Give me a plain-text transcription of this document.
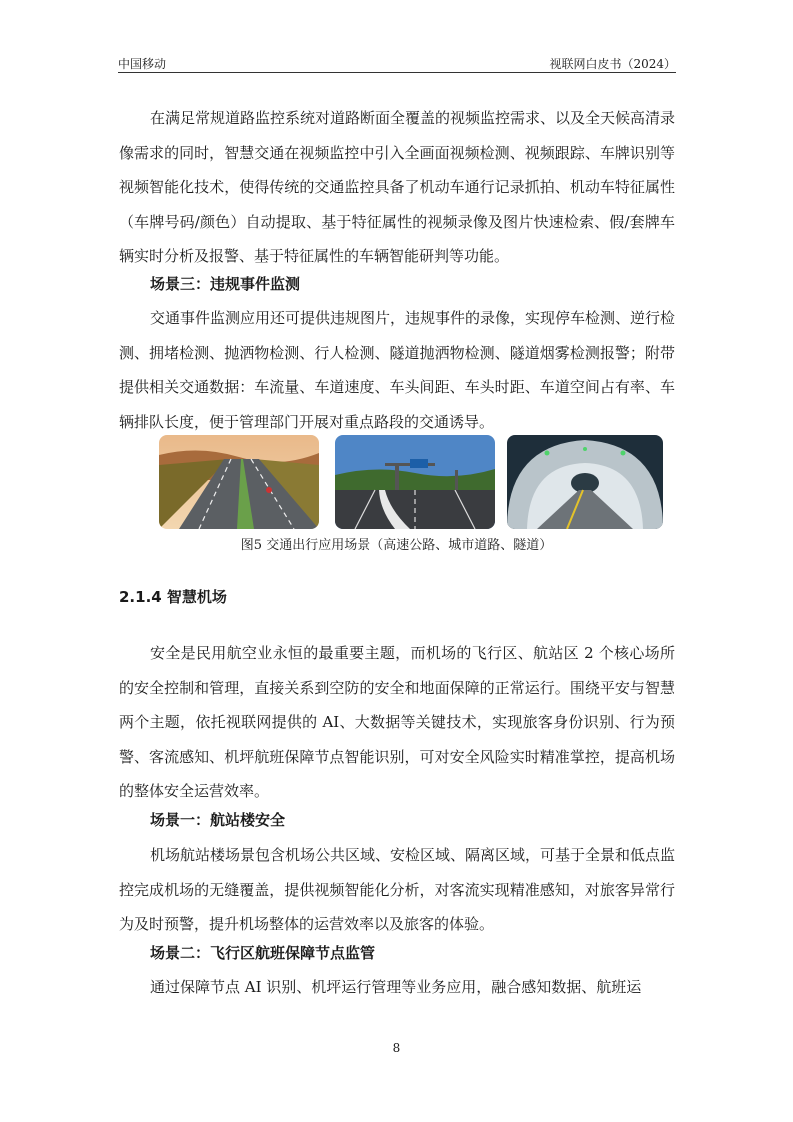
中国移动	视联网白皮书（2024）

在满足常规道路监控系统对道路断面全覆盖的视频监控需求、以及全天候高清录像需求的同时，智慧交通在视频监控中引入全画面视频检测、视频跟踪、车牌识别等视频智能化技术，使得传统的交通监控具备了机动车通行记录抓拍、机动车特征属性（车牌号码/颜色）自动提取、基于特征属性的视频录像及图片快速检索、假/套牌车辆实时分析及报警、基于特征属性的车辆智能研判等功能。

场景三：违规事件监测

交通事件监测应用还可提供违规图片，违规事件的录像，实现停车检测、逆行检测、拥堵检测、抛洒物检测、行人检测、隧道抛洒物检测、隧道烟雾检测报警；附带提供相关交通数据：车流量、车道速度、车头间距、车头时距、车道空间占有率、车辆排队长度，便于管理部门开展对重点路段的交通诱导。

图5 交通出行应用场景（高速公路、城市道路、隧道）

2.1.4 智慧机场

安全是民用航空业永恒的最重要主题，而机场的飞行区、航站区 2 个核心场所的安全控制和管理，直接关系到空防的安全和地面保障的正常运行。围绕平安与智慧两个主题，依托视联网提供的 AI、大数据等关键技术，实现旅客身份识别、行为预警、客流感知、机坪航班保障节点智能识别，可对安全风险实时精准掌控，提高机场的整体安全运营效率。

场景一：航站楼安全

机场航站楼场景包含机场公共区域、安检区域、隔离区域，可基于全景和低点监控完成机场的无缝覆盖，提供视频智能化分析，对客流实现精准感知，对旅客异常行为及时预警，提升机场整体的运营效率以及旅客的体验。

场景二：飞行区航班保障节点监管

通过保障节点 AI 识别、机坪运行管理等业务应用，融合感知数据、航班运

8
